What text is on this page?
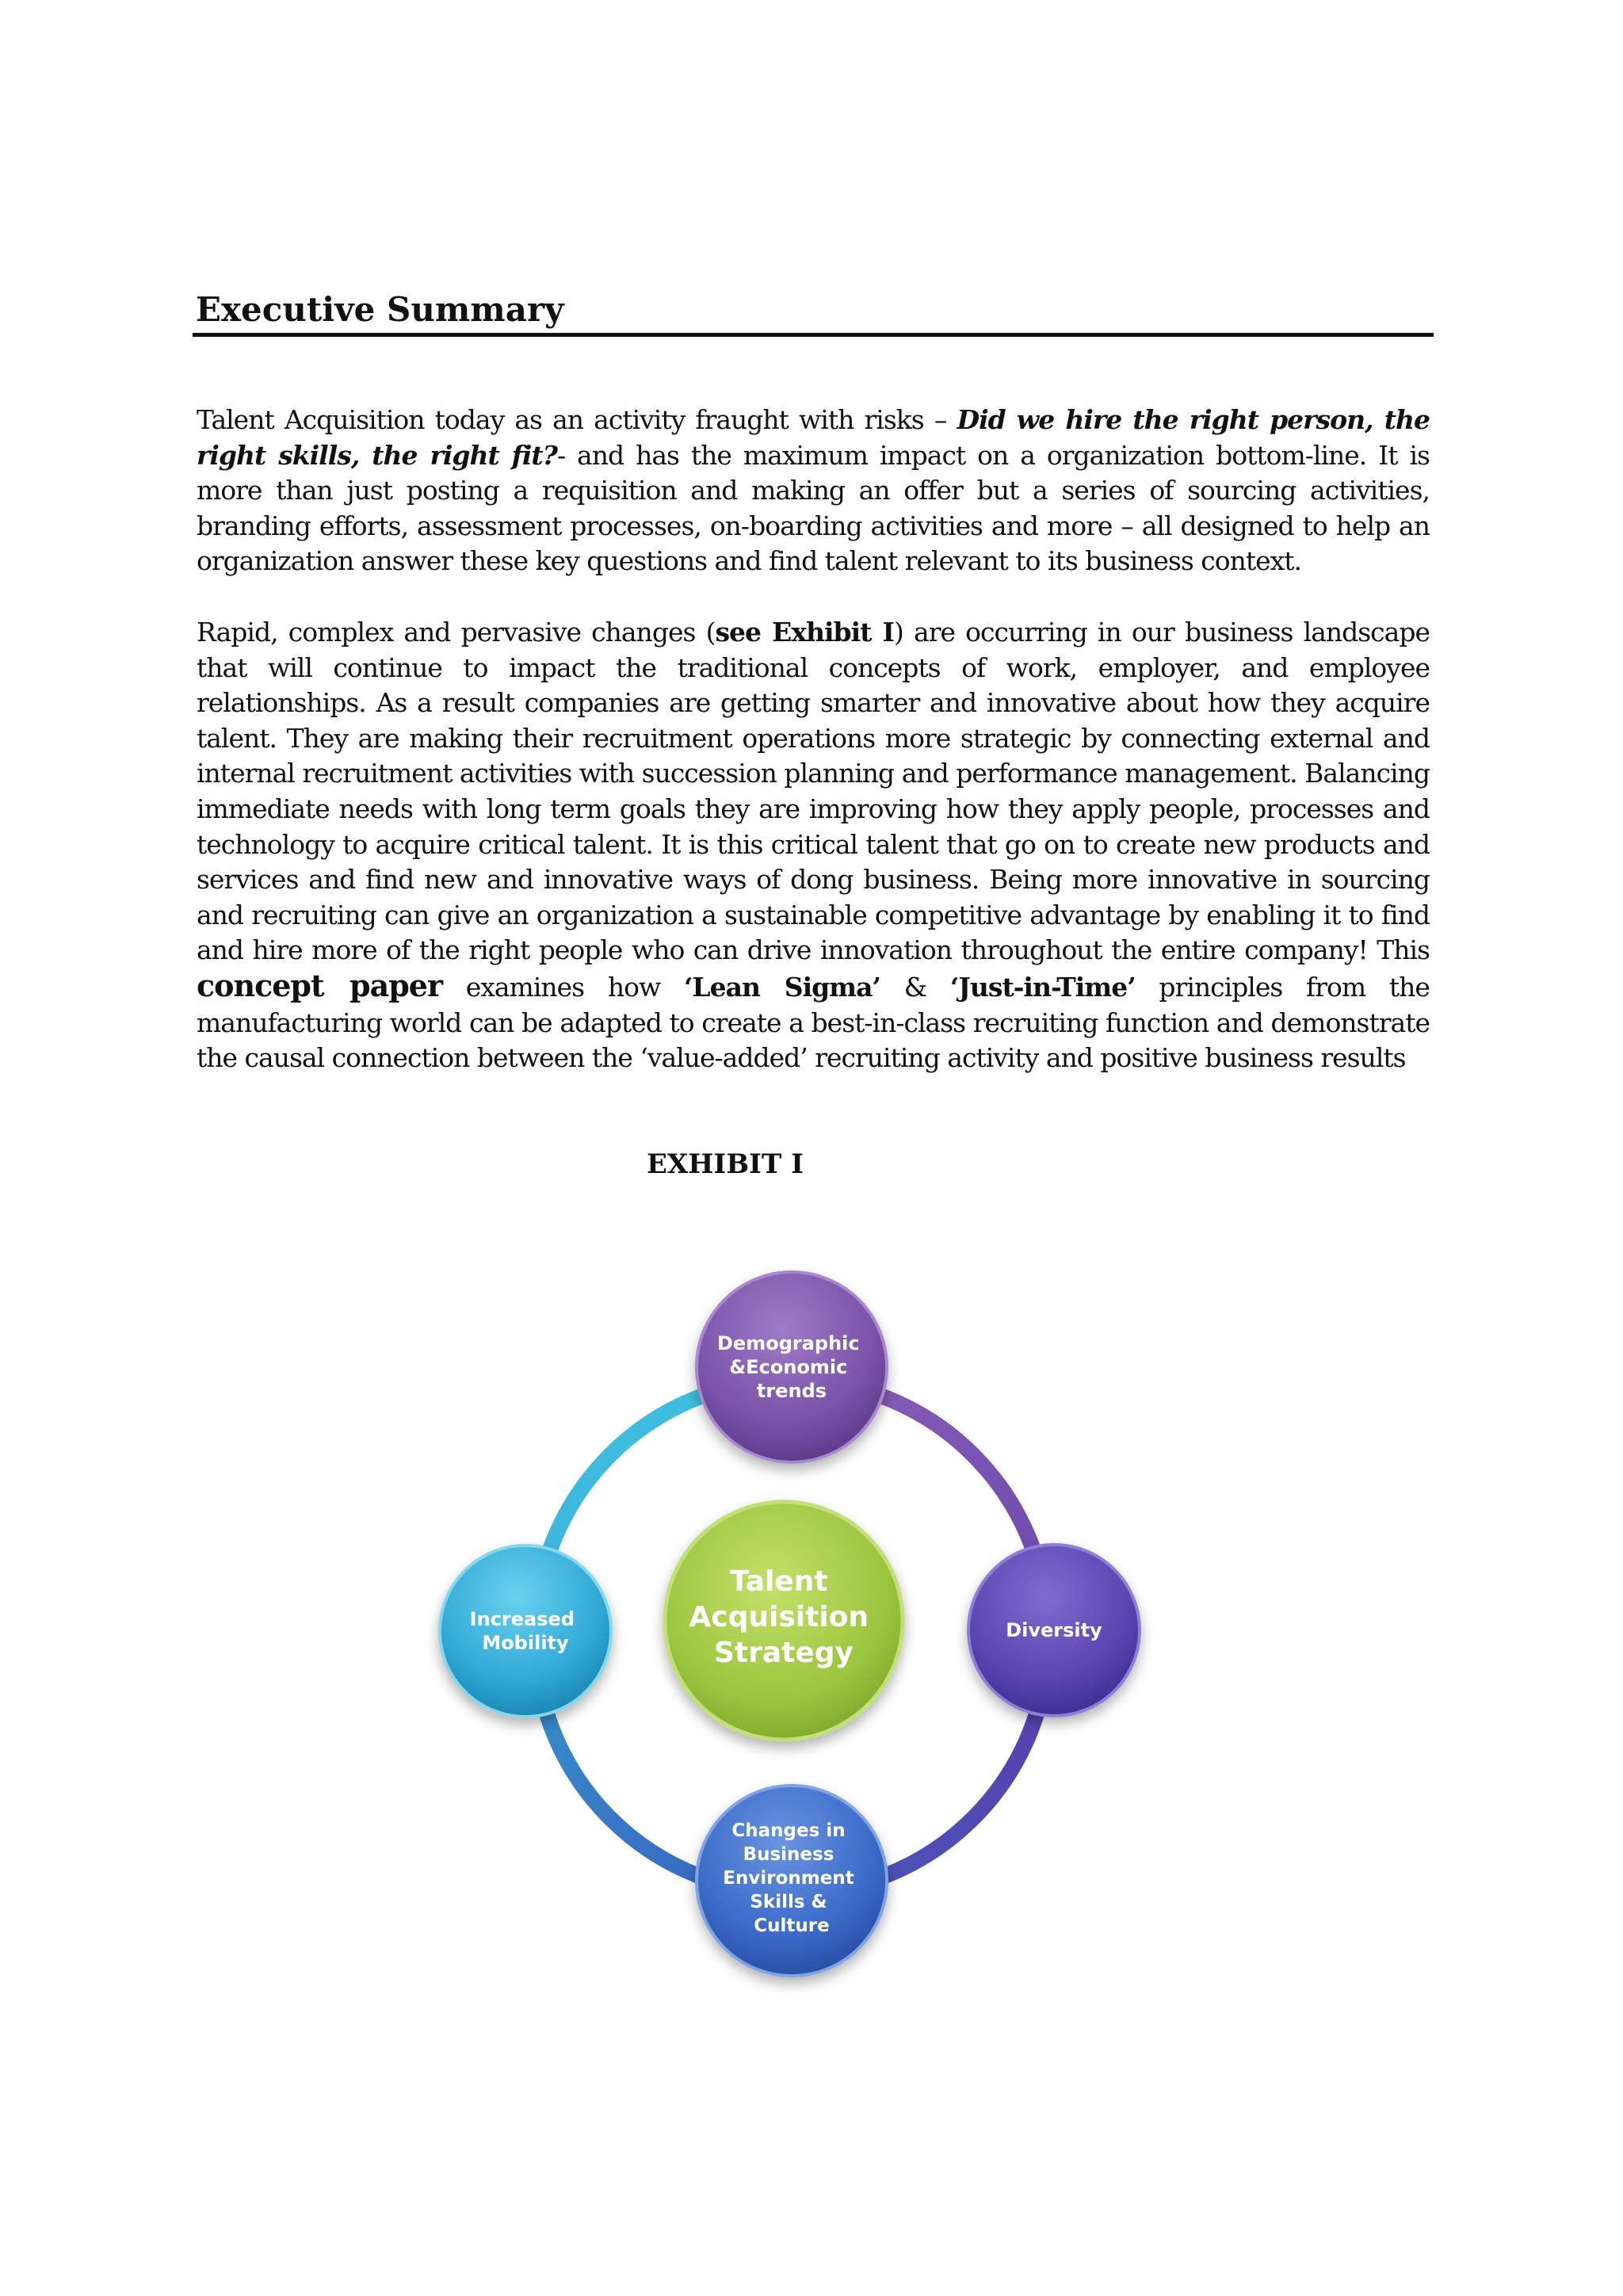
Executive Summary

Talent Acquisition today as an activity fraught with risks – Did we hire the right person, the right skills, the right fit?- and has the maximum impact on a organization bottom-line. It is more than just posting a requisition and making an offer but a series of sourcing activities, branding efforts, assessment processes, on-boarding activities and more – all designed to help an organization answer these key questions and find talent relevant to its business context.

Rapid, complex and pervasive changes (see Exhibit I) are occurring in our business landscape that will continue to impact the traditional concepts of work, employer, and employee relationships. As a result companies are getting smarter and innovative about how they acquire talent. They are making their recruitment operations more strategic by connecting external and internal recruitment activities with succession planning and performance management. Balancing immediate needs with long term goals they are improving how they apply people, processes and technology to acquire critical talent. It is this critical talent that go on to create new products and services and find new and innovative ways of dong business. Being more innovative in sourcing and recruiting can give an organization a sustainable competitive advantage by enabling it to find and hire more of the right people who can drive innovation throughout the entire company! This concept paper examines how ‘Lean Sigma’ & ‘Just-in-Time’ principles from the manufacturing world can be adapted to create a best-in-class recruiting function and demonstrate the causal connection between the ‘value-added’ recruiting activity and positive business results

EXHIBIT I
Demographic &Economic trends
Diversity
Changes in Business Environment Skills & Culture
Increased Mobility
Talent Acquisition Strategy
